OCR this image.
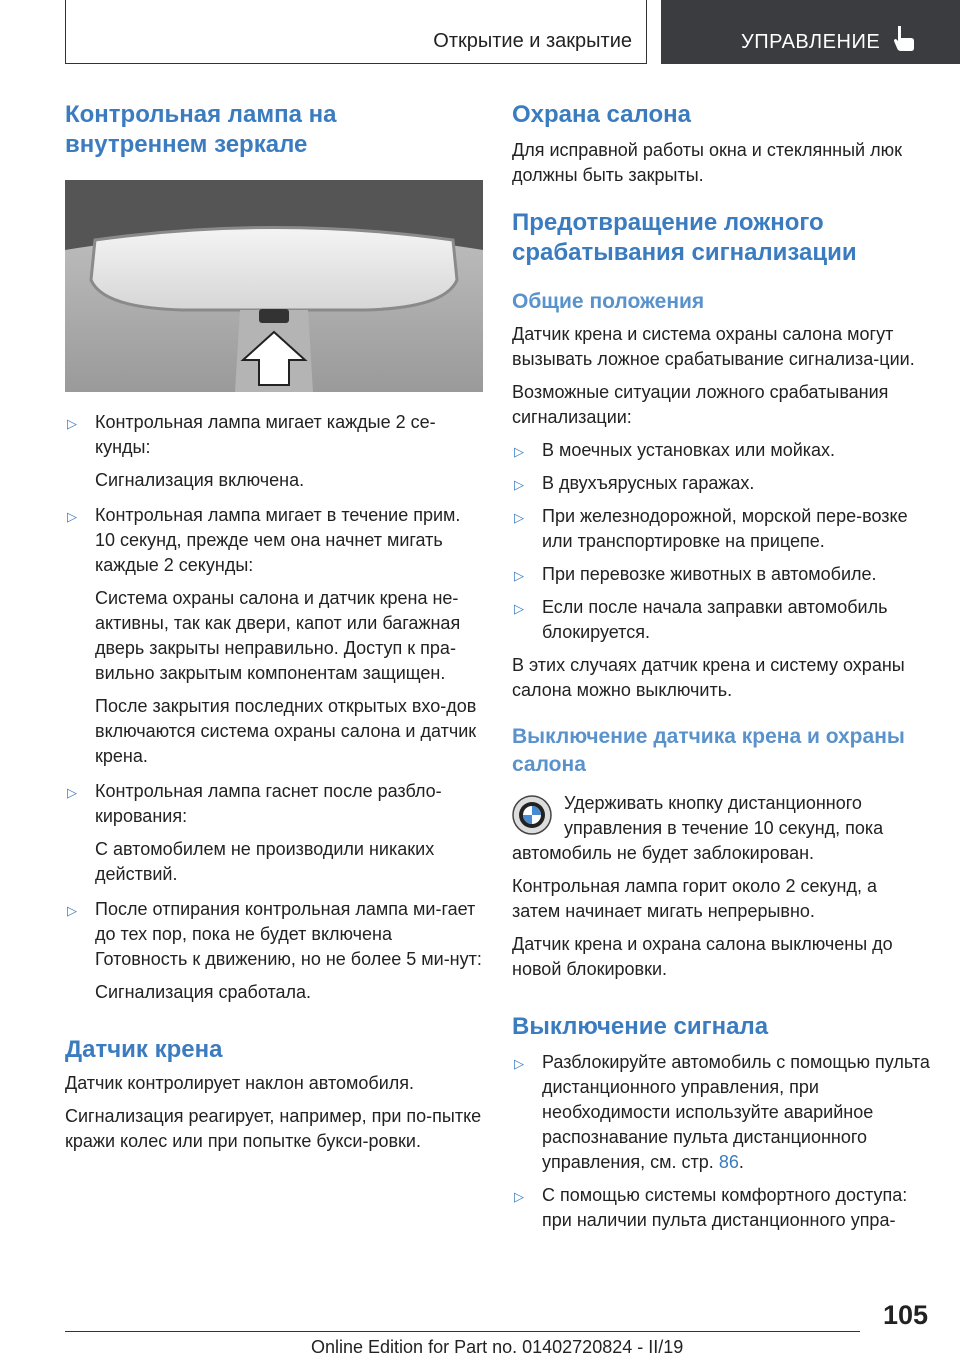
Открытие и закрытие	УПРАВЛЕНИЕ
Контрольная лампа на внутреннем зеркале
▷ Контрольная лампа мигает каждые 2 се-кунды:

Сигнализация включена.

▷ Контрольная лампа мигает в течение прим. 10 секунд, прежде чем она начнет мигать каждые 2 секунды:

Система охраны салона и датчик крена не-активны, так как двери, капот или багажная дверь закрыты неправильно. Доступ к пра-вильно закрытым компонентам защищен.

После закрытия последних открытых вхо-дов включаются система охраны салона и датчик крена.

▷ Контрольная лампа гаснет после разбло-кирования:

С автомобилем не производили никаких действий.

▷ После отпирания контрольная лампа ми-гает до тех пор, пока не будет включена Готовность к движению, но не более 5 ми-нут:

Сигнализация сработала.

Датчик крена

Датчик контролирует наклон автомобиля.

Сигнализация реагирует, например, при по-пытке кражи колес или при попытке букси-ровки.

Охрана салона

Для исправной работы окна и стеклянный люк должны быть закрыты.

Предотвращение ложного срабатывания сигнализации
Общие положения

Датчик крена и система охраны салона могут вызывать ложное срабатывание сигнализа-ции.

Возможные ситуации ложного срабатывания сигнализации:

▷ В моечных установках или мойках.

▷ В двухъярусных гаражах.

▷ При железнодорожной, морской пере-возке или транспортировке на прицепе.

▷ При перевозке животных в автомобиле.

▷ Если после начала заправки автомобиль блокируется.

В этих случаях датчик крена и систему охраны салона можно выключить.

Выключение датчика крена и охраны салона

Удерживать кнопку дистанционного управления в течение 10 секунд, пока автомобиль не будет заблокирован.

Контрольная лампа горит около 2 секунд, а затем начинает мигать непрерывно.

Датчик крена и охрана салона выключены до новой блокировки.

Выключение сигнала
▷ Разблокируйте автомобиль с помощью пульта дистанционного управления, при необходимости используйте аварийное распознавание пульта дистанционного управления, см. стр. 86.

▷ С помощью системы комфортного доступа: при наличии пульта дистанционного упра-

105
Online Edition for Part no. 01402720824 - II/19
